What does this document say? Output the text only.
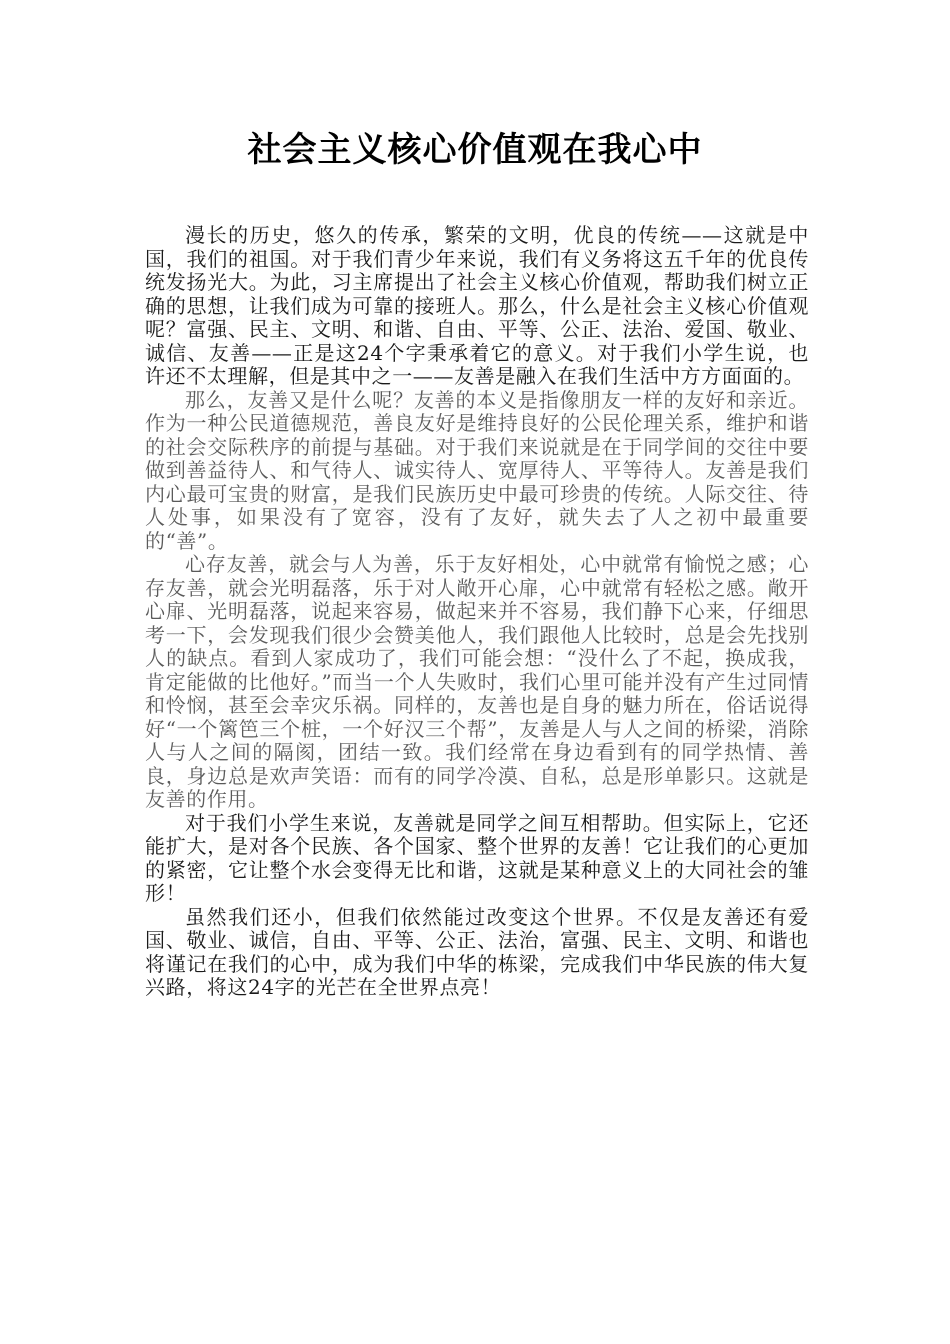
社会主义核心价值观在我心中

漫长的历史，悠久的传承，繁荣的文明，优良的传统——这就是中国，我们的祖国。对于我们青少年来说，我们有义务将这五千年的优良传统发扬光大。为此，习主席提出了社会主义核心价值观，帮助我们树立正确的思想，让我们成为可靠的接班人。那么，什么是社会主义核心价值观呢？富强、民主、文明、和谐、自由、平等、公正、法治、爱国、敬业、诚信、友善——正是这24个字秉承着它的意义。对于我们小学生说，也许还不太理解，但是其中之一——友善是融入在我们生活中方方面面的。

那么，友善又是什么呢？友善的本义是指像朋友一样的友好和亲近。作为一种公民道德规范，善良友好是维持良好的公民伦理关系，维护和谐的社会交际秩序的前提与基础。对于我们来说就是在于同学间的交往中要做到善益待人、和气待人、诚实待人、宽厚待人、平等待人。友善是我们内心最可宝贵的财富，是我们民族历史中最可珍贵的传统。人际交往、待人处事，如果没有了宽容，没有了友好，就失去了人之初中最重要的“善”。

心存友善，就会与人为善，乐于友好相处，心中就常有愉悦之感；心存友善，就会光明磊落，乐于对人敞开心扉，心中就常有轻松之感。敞开心扉、光明磊落，说起来容易，做起来并不容易，我们静下心来，仔细思考一下，会发现我们很少会赞美他人，我们跟他人比较时，总是会先找别人的缺点。看到人家成功了，我们可能会想：“没什么了不起，换成我，肯定能做的比他好。”而当一个人失败时，我们心里可能并没有产生过同情和怜悯，甚至会幸灾乐祸。同样的，友善也是自身的魅力所在，俗话说得好“一个篱笆三个桩，一个好汉三个帮”，友善是人与人之间的桥梁，消除人与人之间的隔阂，团结一致。我们经常在身边看到有的同学热情、善良，身边总是欢声笑语：而有的同学冷漠、自私，总是形单影只。这就是友善的作用。

对于我们小学生来说，友善就是同学之间互相帮助。但实际上，它还能扩大，是对各个民族、各个国家、整个世界的友善！它让我们的心更加的紧密，它让整个水会变得无比和谐，这就是某种意义上的大同社会的雏形！

虽然我们还小，但我们依然能过改变这个世界。不仅是友善还有爱国、敬业、诚信，自由、平等、公正、法治，富强、民主、文明、和谐也将谨记在我们的心中，成为我们中华的栋梁，完成我们中华民族的伟大复兴路，将这24字的光芒在全世界点亮！
